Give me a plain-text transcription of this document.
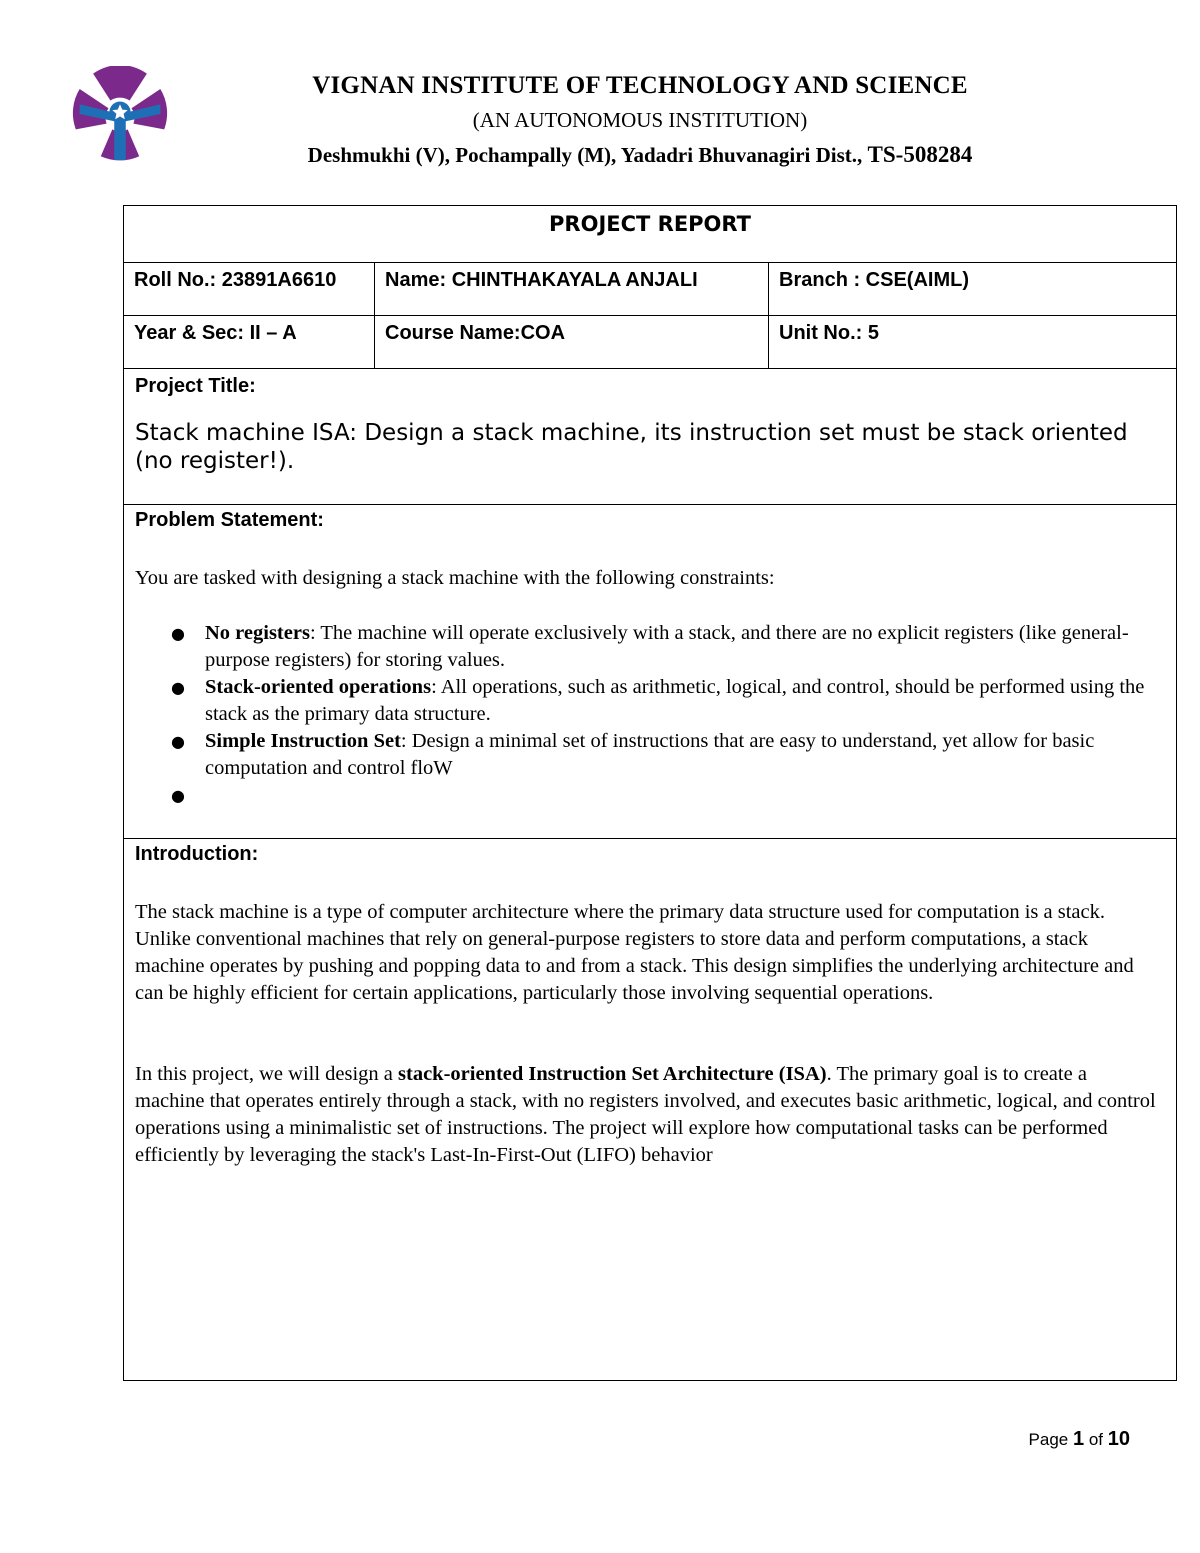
VIGNAN INSTITUTE OF TECHNOLOGY AND SCIENCE
(AN AUTONOMOUS INSTITUTION)
Deshmukhi (V), Pochampally (M), Yadadri Bhuvanagiri Dist., TS-508284
PROJECT REPORT
Roll No.: 23891A6610	Name: CHINTHAKAYALA ANJALI	Branch : CSE(AIML)
Year & Sec: II – A	Course Name:COA	Unit No.: 5
Project Title:
Stack machine ISA: Design a stack machine, its instruction set must be stack oriented (no register!).
Problem Statement:
You are tasked with designing a stack machine with the following constraints:
● No registers: The machine will operate exclusively with a stack, and there are no explicit registers (like general-purpose registers) for storing values.
● Stack-oriented operations: All operations, such as arithmetic, logical, and control, should be performed using the stack as the primary data structure.
● Simple Instruction Set: Design a minimal set of instructions that are easy to understand, yet allow for basic computation and control floW
●

Introduction:
The stack machine is a type of computer architecture where the primary data structure used for computation is a stack. Unlike conventional machines that rely on general-purpose registers to store data and perform computations, a stack machine operates by pushing and popping data to and from a stack. This design simplifies the underlying architecture and can be highly efficient for certain applications, particularly those involving sequential operations.
In this project, we will design a stack-oriented Instruction Set Architecture (ISA). The primary goal is to create a machine that operates entirely through a stack, with no registers involved, and executes basic arithmetic, logical, and control operations using a minimalistic set of instructions. The project will explore how computational tasks can be performed efficiently by leveraging the stack's Last-In-First-Out (LIFO) behavior
Page 1 of 10
